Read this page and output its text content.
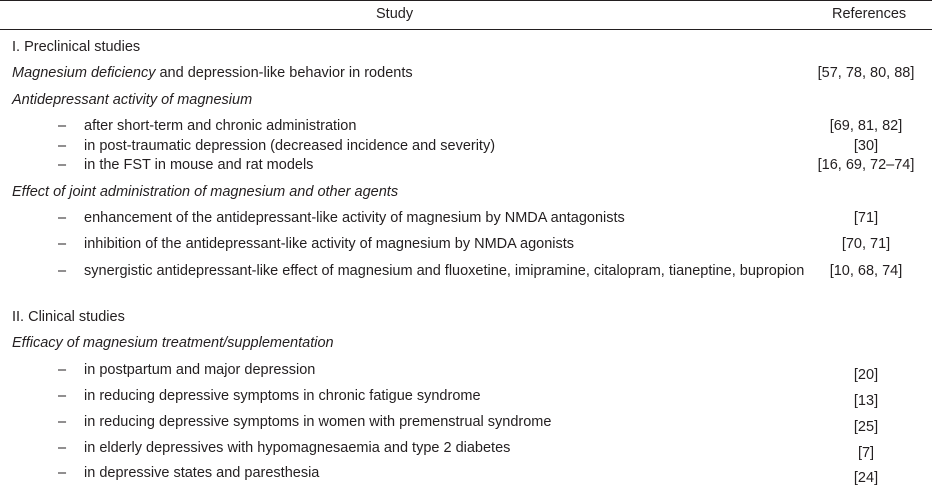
Study	References
I. Preclinical studies
Magnesium deficiency and depression-like behavior in rodents	[57, 78, 80, 88]
Antidepressant activity of magnesium
– after short-term and chronic administration	[69, 81, 82]
– in post-traumatic depression (decreased incidence and severity)	[30]
– in the FST in mouse and rat models	[16, 69, 72–74]
Effect of joint administration of magnesium and other agents
– enhancement of the antidepressant-like activity of magnesium by NMDA antagonists	[71]
– inhibition of the antidepressant-like activity of magnesium by NMDA agonists	[70, 71]
– synergistic antidepressant-like effect of magnesium and fluoxetine, imipramine, citalopram, tianeptine, bupropion	[10, 68, 74]
II. Clinical studies
Efficacy of magnesium treatment/supplementation
– in postpartum and major depression	[20]
– in reducing depressive symptoms in chronic fatigue syndrome	[13]
– in reducing depressive symptoms in women with premenstrual syndrome	[25]
– in elderly depressives with hypomagnesaemia and type 2 diabetes	[7]
– in depressive states and paresthesia	[24]
